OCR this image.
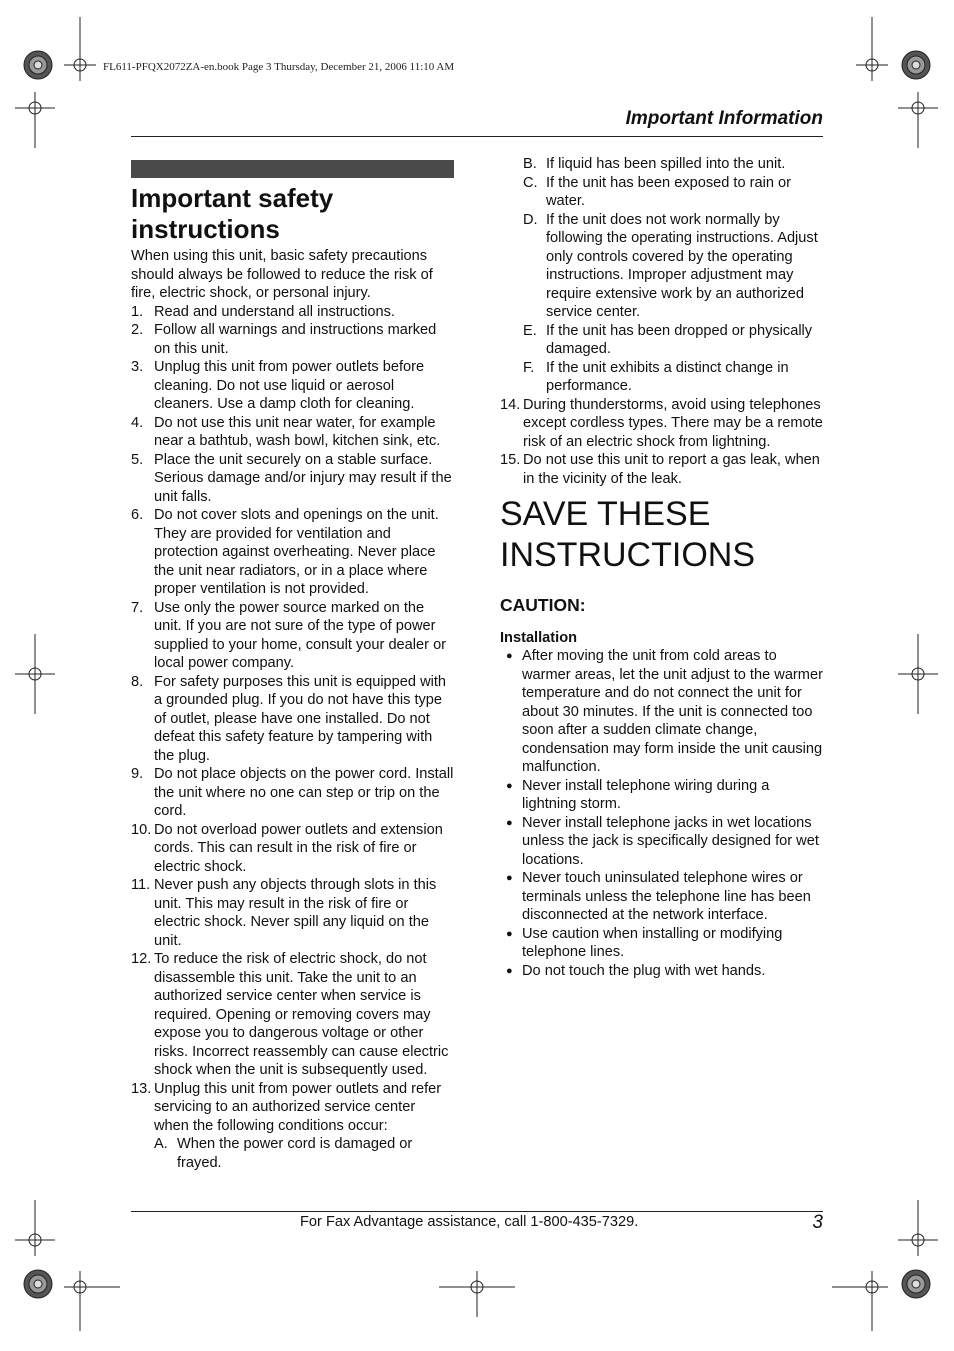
FL611-PFQX2072ZA-en.book Page 3 Thursday, December 21, 2006 11:10 AM
Important Information
Important safety instructions

When using this unit, basic safety precautions should always be followed to reduce the risk of fire, electric shock, or personal injury.

1. Read and understand all instructions.
2. Follow all warnings and instructions marked on this unit.
3. Unplug this unit from power outlets before cleaning. Do not use liquid or aerosol cleaners. Use a damp cloth for cleaning.
4. Do not use this unit near water, for example near a bathtub, wash bowl, kitchen sink, etc.
5. Place the unit securely on a stable surface. Serious damage and/or injury may result if the unit falls.
6. Do not cover slots and openings on the unit. They are provided for ventilation and protection against overheating. Never place the unit near radiators, or in a place where proper ventilation is not provided.
7. Use only the power source marked on the unit. If you are not sure of the type of power supplied to your home, consult your dealer or local power company.
8. For safety purposes this unit is equipped with a grounded plug. If you do not have this type of outlet, please have one installed. Do not defeat this safety feature by tampering with the plug.
9. Do not place objects on the power cord. Install the unit where no one can step or trip on the cord.
10. Do not overload power outlets and extension cords. This can result in the risk of fire or electric shock.
11. Never push any objects through slots in this unit. This may result in the risk of fire or electric shock. Never spill any liquid on the unit.
12. To reduce the risk of electric shock, do not disassemble this unit. Take the unit to an authorized service center when service is required. Opening or removing covers may expose you to dangerous voltage or other risks. Incorrect reassembly can cause electric shock when the unit is subsequently used.
13. Unplug this unit from power outlets and refer servicing to an authorized service center when the following conditions occur:
A. When the power cord is damaged or frayed.
B. If liquid has been spilled into the unit.
C. If the unit has been exposed to rain or water.
D. If the unit does not work normally by following the operating instructions. Adjust only controls covered by the operating instructions. Improper adjustment may require extensive work by an authorized service center.
E. If the unit has been dropped or physically damaged.
F. If the unit exhibits a distinct change in performance.
14. During thunderstorms, avoid using telephones except cordless types. There may be a remote risk of an electric shock from lightning.
15. Do not use this unit to report a gas leak, when in the vicinity of the leak.
SAVE THESE INSTRUCTIONS
CAUTION:

Installation

● After moving the unit from cold areas to warmer areas, let the unit adjust to the warmer temperature and do not connect the unit for about 30 minutes. If the unit is connected too soon after a sudden climate change, condensation may form inside the unit causing malfunction.
● Never install telephone wiring during a lightning storm.
● Never install telephone jacks in wet locations unless the jack is specifically designed for wet locations.
● Never touch uninsulated telephone wires or terminals unless the telephone line has been disconnected at the network interface.
● Use caution when installing or modifying telephone lines.
● Do not touch the plug with wet hands.
For Fax Advantage assistance, call 1-800-435-7329.	3
